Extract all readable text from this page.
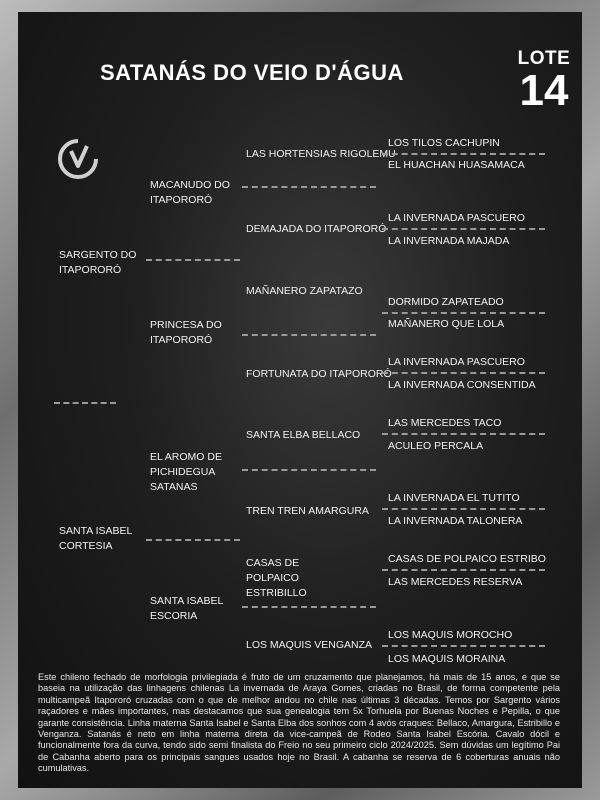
SATANÁS DO VEIO D'ÁGUA
LOTE
14
SARGENTO DO ITAPORORÓ
SANTA ISABEL CORTESIA
MACANUDO DO ITAPORORÓ
PRINCESA DO ITAPORORÓ
EL AROMO DE PICHIDEGUA SATANAS
SANTA ISABEL ESCORIA
LAS HORTENSIAS RIGOLEMU
DEMAJADA DO ITAPORORÓ
MAÑANERO ZAPATAZO
FORTUNATA DO ITAPORORÓ
SANTA ELBA BELLACO
TREN TREN AMARGURA
CASAS DE POLPAICO ESTRIBILLO
LOS MAQUIS VENGANZA
LOS TILOS CACHUPIN
EL HUACHAN HUASAMACA
LA INVERNADA PASCUERO
LA INVERNADA MAJADA
DORMIDO ZAPATEADO
MAÑANERO QUE LOLA
LA INVERNADA PASCUERO
LA INVERNADA CONSENTIDA
LAS MERCEDES TACO
ACULEO PERCALA
LA INVERNADA EL TUTITO
LA INVERNADA TALONERA
CASAS DE POLPAICO ESTRIBO
LAS MERCEDES RESERVA
LOS MAQUIS MOROCHO
LOS MAQUIS MORAINA
Este chileno fechado de morfologia privilegiada é fruto de um cruzamento que planejamos, há mais de 15 anos, e que se baseia na utilização das linhagens chilenas La invernada de Araya Gomes, criadas no Brasil, de forma competente pela multicampeã Itapororó cruzadas com o que de melhor andou no chile nas últimas 3 décadas. Temos por Sargento vários raçadores e mães importantes, mas destacamos que sua genealogia tem 5x Torhuela por Buenas Noches e Pepilla, o que garante consistência. Linha materna Santa Isabel e Santa Elba dos sonhos com 4 avós craques: Bellaco, Amargura, Estribillo e Venganza. Satanás é neto em linha materna direta da vice-campeã de Rodeo Santa Isabel Escória. Cavalo dócil e funcionalmente fora da curva, tendo sido semi finalista do Freio no seu primeiro ciclo 2024/2025. Sem dúvidas um legítimo Pai de Cabanha aberto para os principais sangues usados hoje no Brasil. A cabanha se reserva de 6 coberturas anuais não cumulativas.
